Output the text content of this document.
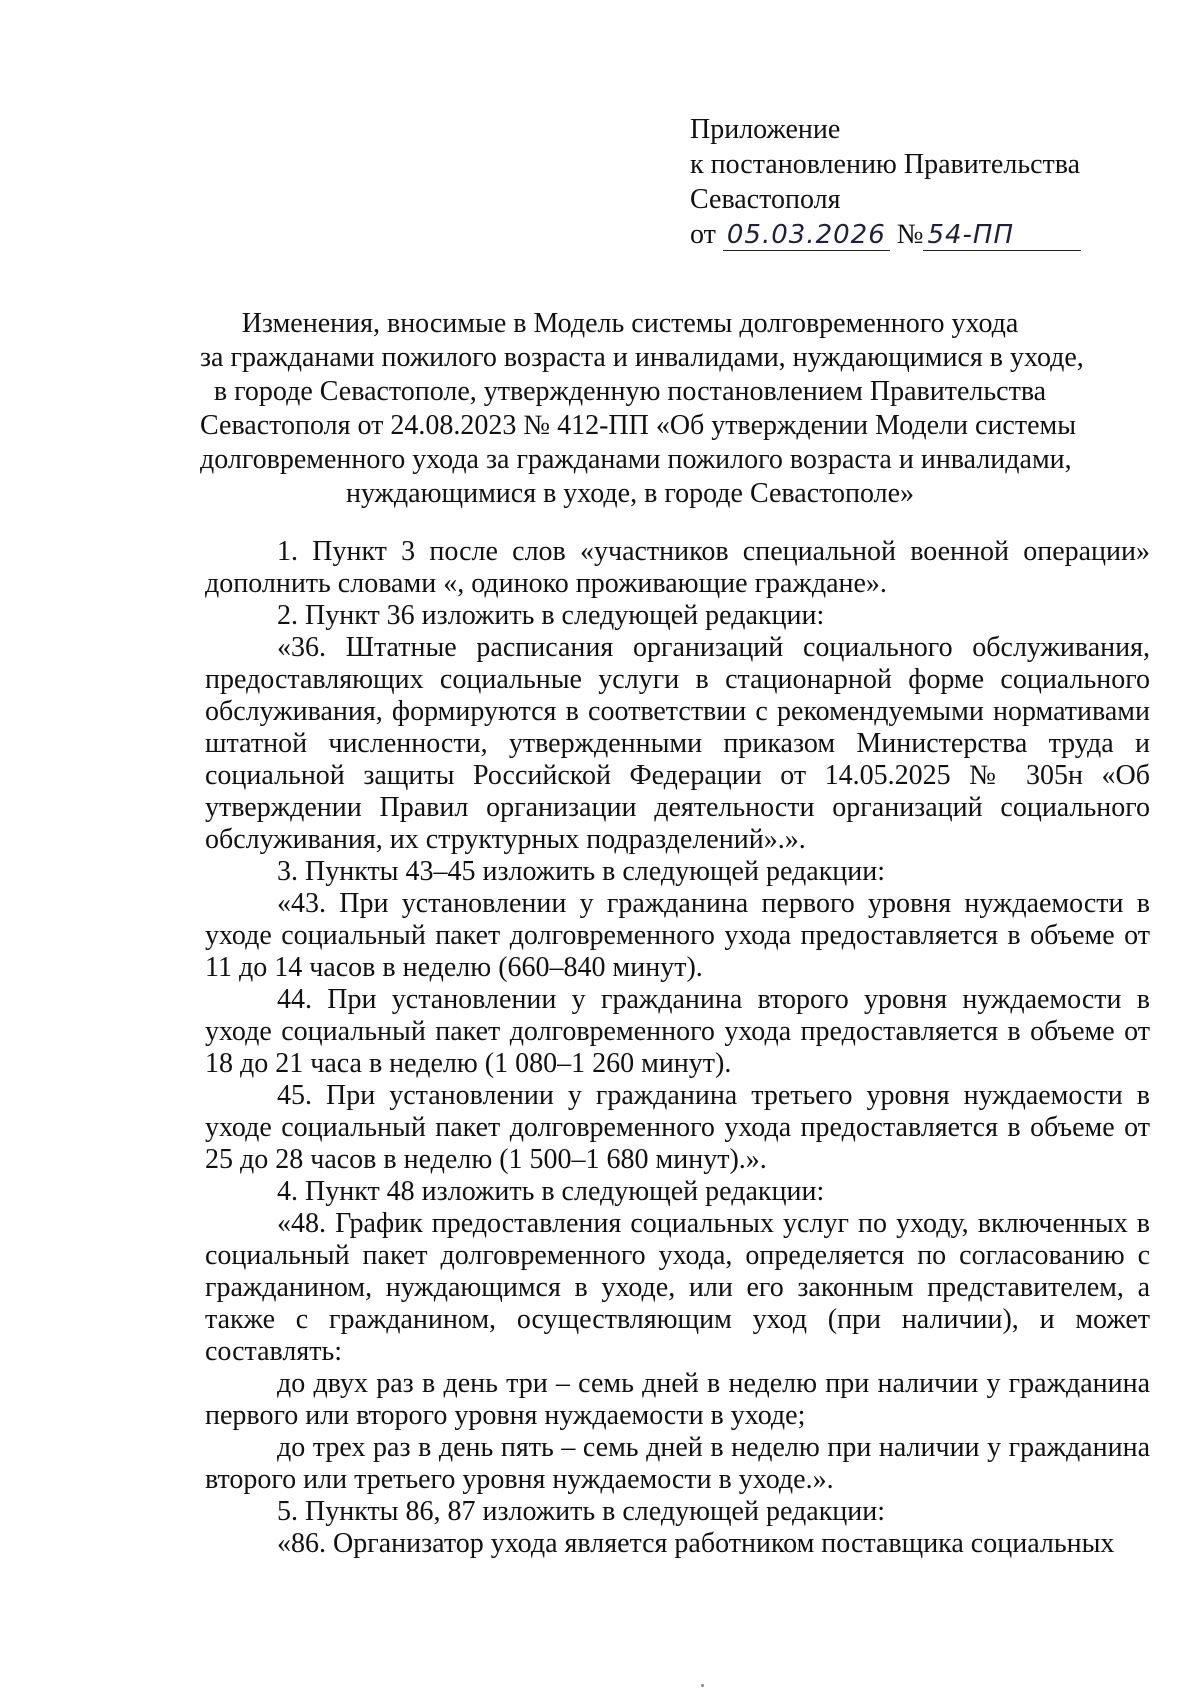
Приложение
к постановлению Правительства
Севастополя
от 05.03.2026 № 54-ПП
Изменения, вносимые в Модель системы долговременного ухода
за гражданами пожилого возраста и инвалидами, нуждающимися в уходе,
в городе Севастополе, утвержденную постановлением Правительства
Севастополя от 24.08.2023 № 412-ПП «Об утверждении Модели системы
долговременного ухода за гражданами пожилого возраста и инвалидами,
нуждающимися в уходе, в городе Севастополе»

1. Пункт 3 после слов «участников специальной военной операции» дополнить словами «, одиноко проживающие граждане».

2. Пункт 36 изложить в следующей редакции:

«36. Штатные расписания организаций социального обслуживания, предоставляющих социальные услуги в стационарной форме социального обслуживания, формируются в соответствии с рекомендуемыми нормативами штатной численности, утвержденными приказом Министерства труда и социальной защиты Российской Федерации от 14.05.2025 № 305н «Об утверждении Правил организации деятельности организаций социального обслуживания, их структурных подразделений».».

3. Пункты 43–45 изложить в следующей редакции:

«43. При установлении у гражданина первого уровня нуждаемости в уходе социальный пакет долговременного ухода предоставляется в объеме от 11 до 14 часов в неделю (660–840 минут).

44. При установлении у гражданина второго уровня нуждаемости в уходе социальный пакет долговременного ухода предоставляется в объеме от 18 до 21 часа в неделю (1 080–1 260 минут).

45. При установлении у гражданина третьего уровня нуждаемости в уходе социальный пакет долговременного ухода предоставляется в объеме от 25 до 28 часов в неделю (1 500–1 680 минут).».

4. Пункт 48 изложить в следующей редакции:

«48. График предоставления социальных услуг по уходу, включенных в социальный пакет долговременного ухода, определяется по согласованию с гражданином, нуждающимся в уходе, или его законным представителем, а также с гражданином, осуществляющим уход (при наличии), и может составлять:

до двух раз в день три – семь дней в неделю при наличии у гражданина первого или второго уровня нуждаемости в уходе;

до трех раз в день пять – семь дней в неделю при наличии у гражданина второго или третьего уровня нуждаемости в уходе.».

5. Пункты 86, 87 изложить в следующей редакции:

«86. Организатор ухода является работником поставщика социальных
